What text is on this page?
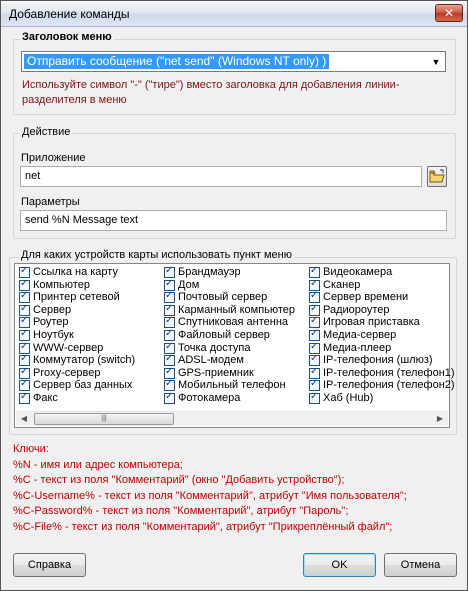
Добавление команды	✕
Заголовок меню
Отправить сообщение ("net send" (Windows NT only) )	▼
Используйте символ "-" ("тире") вместо заголовка для добавления линии-разделителя в меню
Действие
Приложение
net
Параметры
send %N Message text
Для каких устройств карты использовать пункт меню
✓
Ссылка на карту
✓
Компьютер
✓
Принтер сетевой
✓
Сервер
✓
Роутер
✓
Ноутбук
✓
WWW-сервер
✓
Коммутатор (switch)
✓
Proxy-сервер
✓
Сервер баз данных
✓
Факс
✓
Брандмауэр
✓
Дом
✓
Почтовый сервер
✓
Карманный компьютер
✓
Спутниковая антенна
✓
Файловый сервер
✓
Точка доступа
✓
ADSL-модем
✓
GPS-приемник
✓
Мобильный телефон
✓
Фотокамера
✓
Видеокамера
✓
Сканер
✓
Сервер времени
✓
Радиороутер
✓
Игровая приставка
✓
Медиа-сервер
✓
Медиа-плеер
✓
IP-телефония (шлюз)
✓
IP-телефония (телефон1)
✓
IP-телефония (телефон2)
✓
Хаб (Hub)
◀	|||	▶
Ключи:
%N - имя или адрес компьютера;
%C - текст из поля "Комментарий" (окно "Добавить устройство");
%C-Username% - текст из поля "Комментарий", атрибут "Имя пользователя";
%C-Password% - текст из поля "Комментарий", атрибут "Пароль";
%C-File% - текст из поля "Комментарий", атрибут "Прикреплённый файл";
Справка	OK	Отмена
